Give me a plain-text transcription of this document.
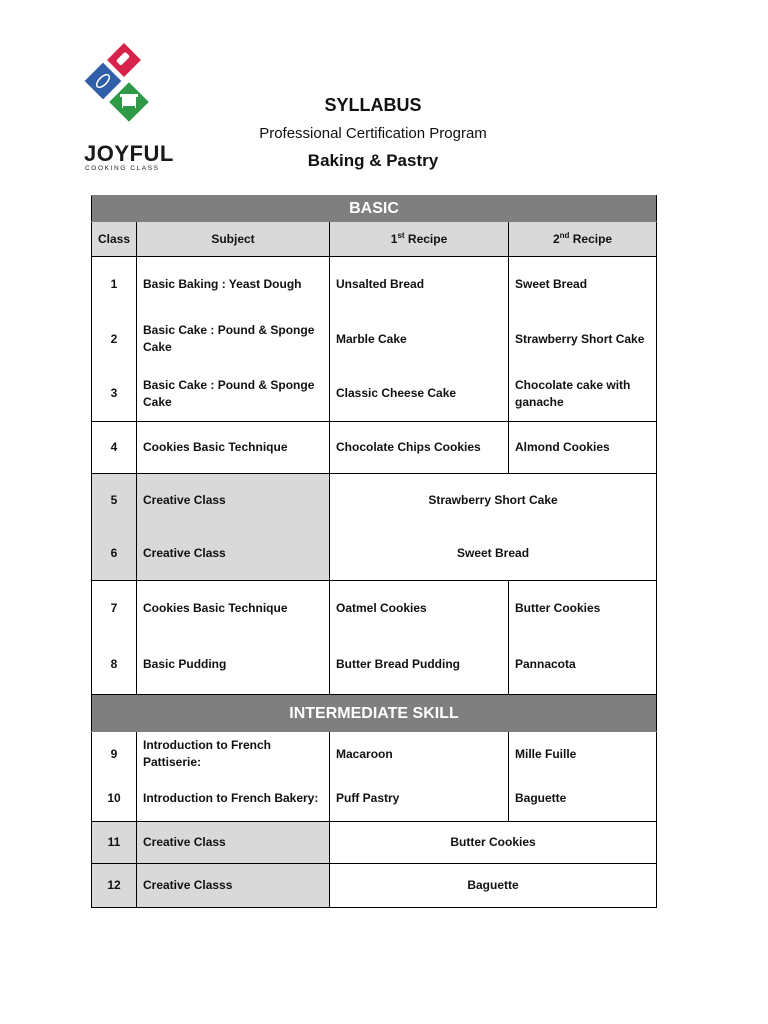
JOYFUL
COOKING CLASS
SYLLABUS
Professional Certification Program
Baking & Pastry
BASIC			
Class	Subject	1st Recipe	2nd Recipe
1	Basic Baking : Yeast Dough	Unsalted Bread	Sweet Bread
2	Basic Cake : Pound & Sponge Cake	Marble Cake	Strawberry Short Cake
3	Basic Cake : Pound & Sponge Cake	Classic Cheese Cake	Chocolate cake with ganache
4	Cookies Basic Technique	Chocolate Chips Cookies	Almond Cookies
5	Creative Class	Strawberry Short Cake	
6	Creative Class	Sweet Bread	
7	Cookies Basic Technique	Oatmel Cookies	Butter Cookies
8	Basic Pudding	Butter Bread Pudding	Pannacota
INTERMEDIATE SKILL			
9	Introduction to French Pattiserie:	Macaroon	Mille Fuille
10	Introduction to French Bakery:	Puff Pastry	Baguette
11	Creative Class	Butter Cookies	
12	Creative Classs	Baguette	
